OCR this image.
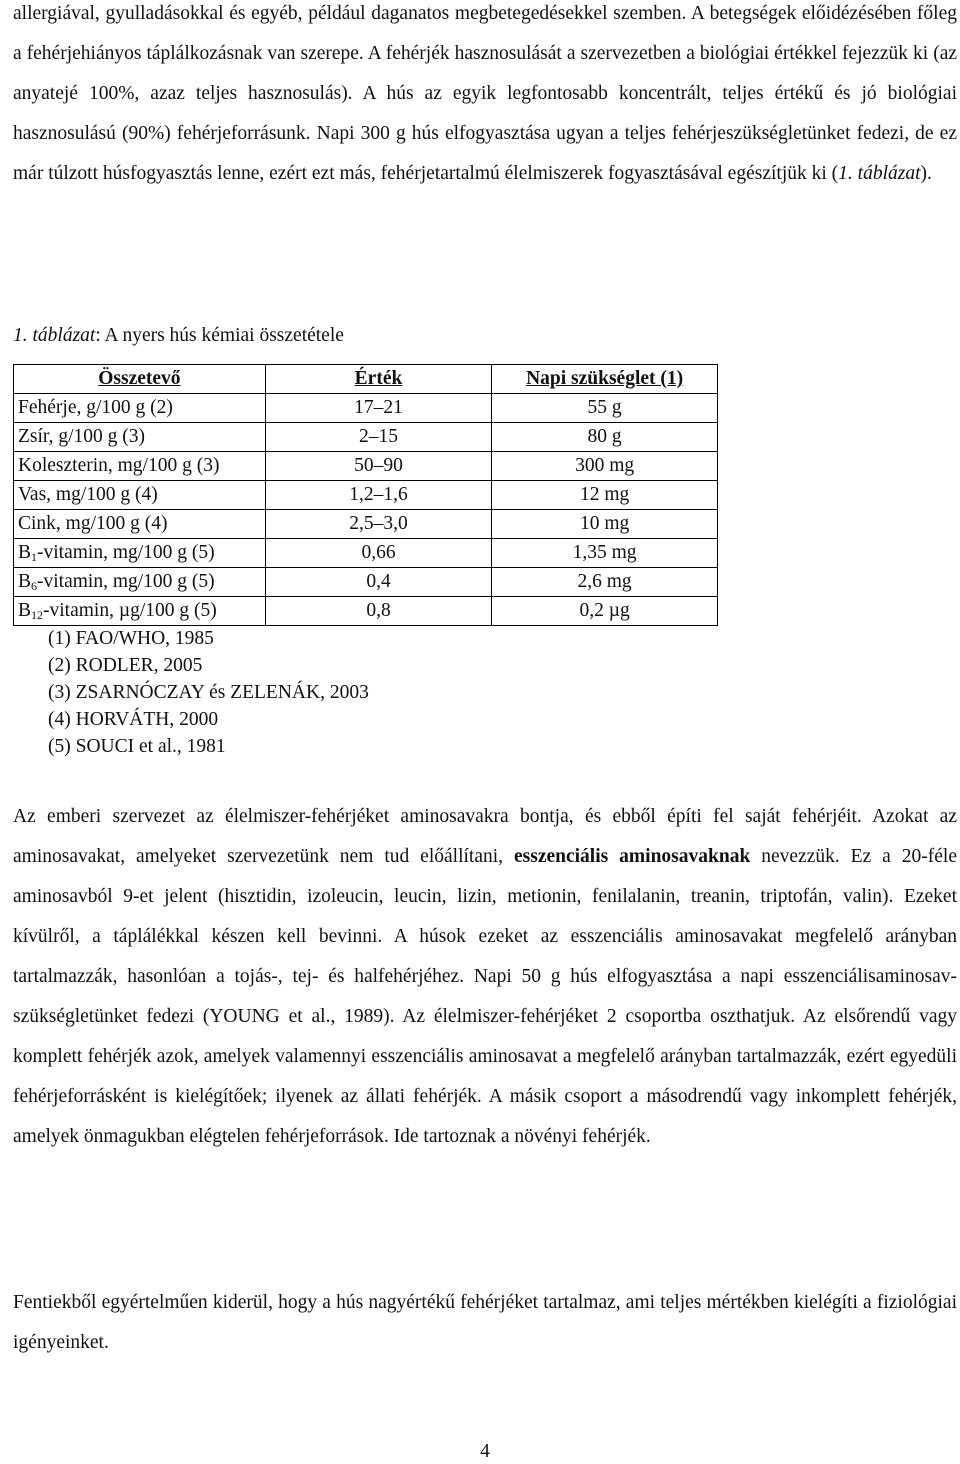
allergiával, gyulladásokkal és egyéb, például daganatos megbetegedésekkel szemben. A betegségek előidézésében főleg a fehérjehiányos táplálkozásnak van szerepe. A fehérjék hasznosulását a szervezetben a biológiai értékkel fejezzük ki (az anyatejé 100%, azaz teljes hasznosulás). A hús az egyik legfontosabb koncentrált, teljes értékű és jó biológiai hasznosulású (90%) fehérjeforrásunk. Napi 300 g hús elfogyasztása ugyan a teljes fehérjeszükségletünket fedezi, de ez már túlzott húsfogyasztás lenne, ezért ezt más, fehérjetartalmú élelmiszerek fogyasztásával egészítjük ki (1. táblázat).

1. táblázat: A nyers hús kémiai összetétele
Összetevő	Érték	Napi szükséglet (1)
Fehérje, g/100 g (2)	17–21	55 g
Zsír, g/100 g (3)	2–15	80 g
Koleszterin, mg/100 g (3)	50–90	300 mg
Vas, mg/100 g (4)	1,2–1,6	12 mg
Cink, mg/100 g (4)	2,5–3,0	10 mg
$B_1$-vitamin, mg/100 g (5)	0,66	1,35 mg
$B_6$-vitamin, mg/100 g (5)	0,4	2,6 mg
$B_{12}$-vitamin, µg/100 g (5)	0,8	0,2 µg
(1) FAO/WHO, 1985
(2) RODLER, 2005
(3) ZSARNÓCZAY és ZELENÁK, 2003
(4) HORVÁTH, 2000
(5) SOUCI et al., 1981

Az emberi szervezet az élelmiszer-fehérjéket aminosavakra bontja, és ebből építi fel saját fehérjéit. Azokat az aminosavakat, amelyeket szervezetünk nem tud előállítani, esszenciális aminosavaknak nevezzük. Ez a 20-féle aminosavból 9-et jelent (hisztidin, izoleucin, leucin, lizin, metionin, fenilalanin, treanin, triptofán, valin). Ezeket kívülről, a táplálékkal készen kell bevinni. A húsok ezeket az esszenciális aminosavakat megfelelő arányban tartalmazzák, hasonlóan a tojás-, tej- és halfehérjéhez. Napi 50 g hús elfogyasztása a napi esszenciálisaminosav-szükségletünket fedezi (YOUNG et al., 1989). Az élelmiszer-fehérjéket 2 csoportba oszthatjuk. Az elsőrendű vagy komplett fehérjék azok, amelyek valamennyi esszenciális aminosavat a megfelelő arányban tartalmazzák, ezért egyedüli fehérjeforrásként is kielégítőek; ilyenek az állati fehérjék. A másik csoport a másodrendű vagy inkomplett fehérjék, amelyek önmagukban elégtelen fehérjeforrások. Ide tartoznak a növényi fehérjék.

Fentiekből egyértelműen kiderül, hogy a hús nagyértékű fehérjéket tartalmaz, ami teljes mértékben kielégíti a fiziológiai igényeinket.

4
